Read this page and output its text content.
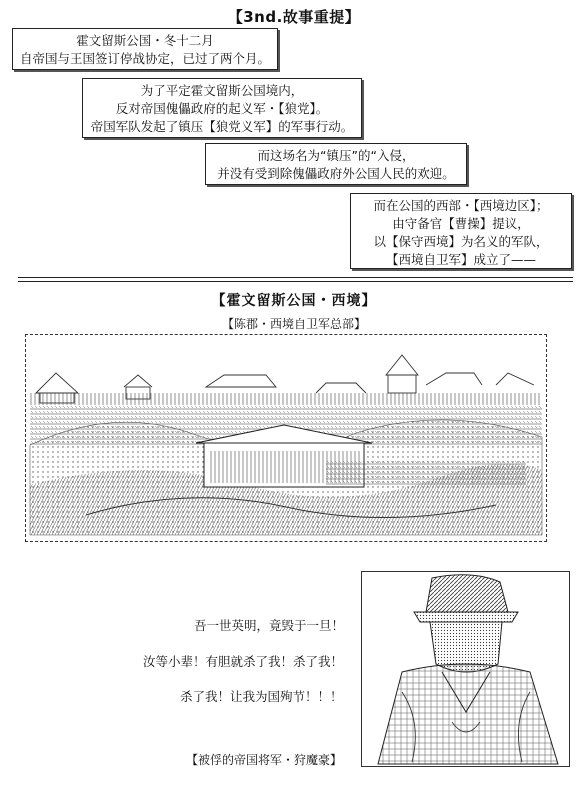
【3nd.故事重提】
霍文留斯公国・冬十二月
自帝国与王国签订停战协定，已过了两个月。
为了平定霍文留斯公国境内，
反对帝国傀儡政府的起义军・【狼党】。
帝国军队发起了镇压【狼党义军】的军事行动。
而这场名为“镇压”的“入侵，
并没有受到除傀儡政府外公国人民的欢迎。
而在公国的西部・【西境边区】；
由守备官【曹操】提议，
以【保守西境】为名义的军队，
【西境自卫军】成立了——
【霍文留斯公国・西境】
【陈郡・西境自卫军总部】
吾一世英明，竟毁于一旦！
汝等小辈！有胆就杀了我！杀了我！
杀了我！让我为国殉节！！！
【被俘的帝国将军・狩魔豪】
